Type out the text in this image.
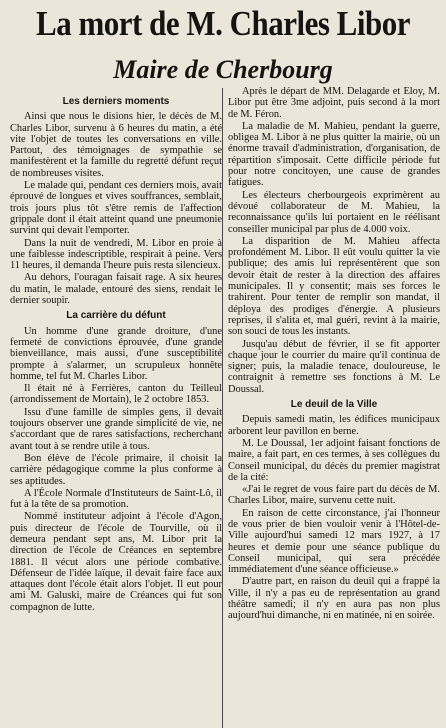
La mort de M. Charles Libor
Maire de Cherbourg
Les derniers moments

Ainsi que nous le disions hier, le décès de M. Charles Libor, survenu à 6 heures du matin, a été vite l'objet de toutes les conversations en ville. Partout, des témoignages de sympathie se manifestèrent et la famille du regretté défunt reçut de nombreuses visites.

Le malade qui, pendant ces derniers mois, avait éprouvé de longues et vives souffrances, semblait, trois jours plus tôt s'être remis de l'affection grippale dont il était atteint quand une pneumonie survint qui devait l'emporter.

Dans la nuit de vendredi, M. Libor en proie à une faiblesse indescriptible, respirait à peine. Vers 11 heures, il demanda l'heure puis resta silencieux.

Au dehors, l'ouragan faisait rage. A six heures du matin, le malade, entouré des siens, rendait le dernier soupir.

La carrière du défunt

Un homme d'une grande droiture, d'une fermeté de convictions éprouvée, d'une grande bienveillance, mais aussi, d'une susceptibilité prompte à s'alarmer, un scrupuleux honnête homme, tel fut M. Charles Libor.

Il était né à Ferrières, canton du Teilleul (arrondissement de Mortain), le 2 octobre 1853.

Issu d'une famille de simples gens, il devait toujours observer une grande simplicité de vie, ne s'accordant que de rares satisfactions, recherchant avant tout à se rendre utile à tous.

Bon élève de l'école primaire, il choisit la carrière pédagogique comme la plus conforme à ses aptitudes.

A l'École Normale d'Instituteurs de Saint-Lô, il fut à la tête de sa promotion.

Nommé instituteur adjoint à l'école d'Agon, puis directeur de l'école de Tourville, où il demeura pendant sept ans, M. Libor prit la direction de l'école de Créances en septembre 1881. Il vécut alors une période combative. Défenseur de l'idée laïque, il devait faire face aux attaques dont l'école était alors l'objet. Il eut pour ami M. Galuski, maire de Créances qui fut son compagnon de lutte.

Après le départ de MM. Delagarde et Eloy, M. Libor put être 3me adjoint, puis second à la mort de M. Féron.

La maladie de M. Mahieu, pendant la guerre, obligea M. Libor à ne plus quitter la mairie, où un énorme travail d'administration, d'organisation, de répartition s'imposait. Cette difficile période fut pour notre concitoyen, une cause de grandes fatigues.

Les électeurs cherbourgeois exprimèrent au dévoué collaborateur de M. Mahieu, la reconnaissance qu'ils lui portaient en le réélisant conseiller municipal par plus de 4.000 voix.

La disparition de M. Mahieu affecta profondément M. Libor. Il eût voulu quitter la vie publique; des amis lui représentèrent que son devoir était de rester à la direction des affaires municipales. Il y consentit; mais ses forces le trahirent. Pour tenter de remplir son mandat, il déploya des prodiges d'énergie. A plusieurs reprises, il s'alita et, mal guéri, revint à la mairie, son souci de tous les instants.

Jusqu'au début de février, il se fit apporter chaque jour le courrier du maire qu'il continua de signer; puis, la maladie tenace, douloureuse, le contraignit à remettre ses fonctions à M. Le Doussal.

Le deuil de la Ville

Depuis samedi matin, les édifices municipaux arborent leur pavillon en berne.

M. Le Doussal, 1er adjoint faisant fonctions de maire, a fait part, en ces termes, à ses collègues du Conseil municipal, du décès du premier magistrat de la cité:

«J'ai le regret de vous faire part du décès de M. Charles Libor, maire, survenu cette nuit.

En raison de cette circonstance, j'ai l'honneur de vous prier de bien vouloir venir à l'Hôtel-de-Ville aujourd'hui samedi 12 mars 1927, à 17 heures et demie pour une séance publique du Conseil municipal, qui sera précédée immédiatement d'une séance officieuse.»

D'autre part, en raison du deuil qui a frappé la Ville, il n'y a pas eu de représentation au grand théâtre samedi; il n'y en aura pas non plus aujourd'hui dimanche, ni en matinée, ni en soirée.
